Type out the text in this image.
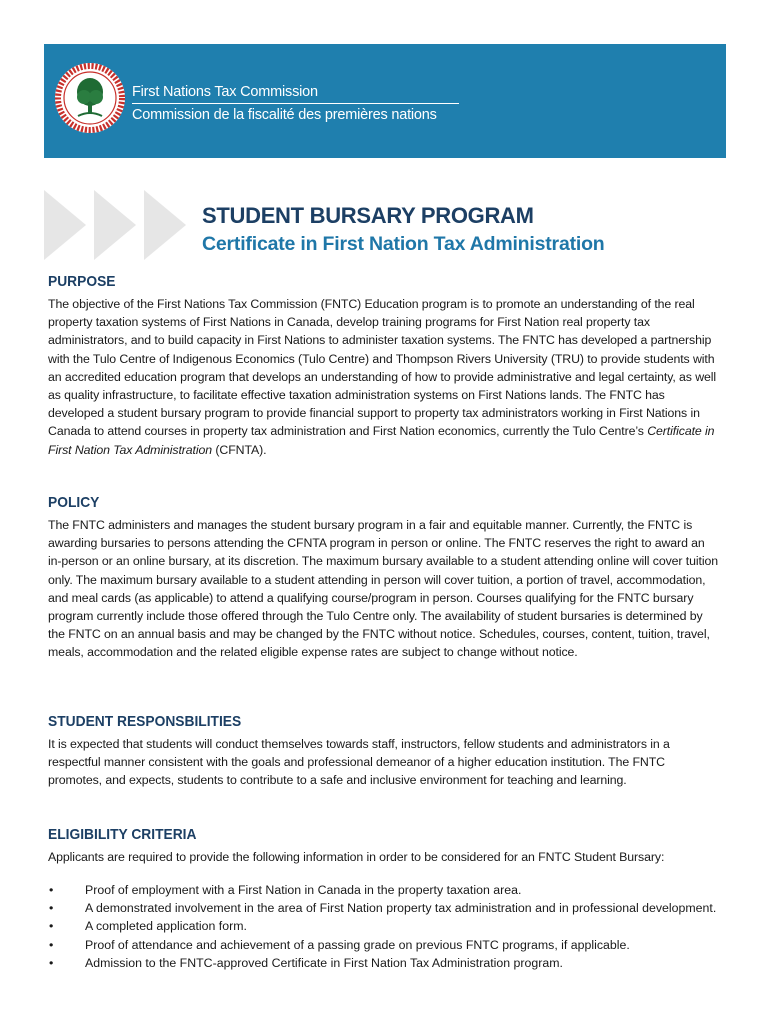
First Nations Tax Commission
Commission de la fiscalité des premières nations
STUDENT BURSARY PROGRAM
Certificate in First Nation Tax Administration
PURPOSE

The objective of the First Nations Tax Commission (FNTC) Education program is to promote an understanding of the real property taxation systems of First Nations in Canada, develop training programs for First Nation real property tax administrators, and to build capacity in First Nations to administer taxation systems. The FNTC has developed a partnership with the Tulo Centre of Indigenous Economics (Tulo Centre) and Thompson Rivers University (TRU) to provide students with an accredited education program that develops an understanding of how to provide administrative and legal certainty, as well as quality infrastructure, to facilitate effective taxation administration systems on First Nations lands. The FNTC has developed a student bursary program to provide financial support to property tax administrators working in First Nations in Canada to attend courses in property tax administration and First Nation economics, currently the Tulo Centre’s Certificate in First Nation Tax Administration (CFNTA).

POLICY

The FNTC administers and manages the student bursary program in a fair and equitable manner. Currently, the FNTC is awarding bursaries to persons attending the CFNTA program in person or online. The FNTC reserves the right to award an in-person or an online bursary, at its discretion. The maximum bursary available to a student attending online will cover tuition only. The maximum bursary available to a student attending in person will cover tuition, a portion of travel, accommodation, and meal cards (as applicable) to attend a qualifying course/program in person. Courses qualifying for the FNTC bursary program currently include those offered through the Tulo Centre only. The availability of student bursaries is determined by the FNTC on an annual basis and may be changed by the FNTC without notice. Schedules, courses, content, tuition, travel, meals, accommodation and the related eligible expense rates are subject to change without notice.

STUDENT RESPONSBILITIES

It is expected that students will conduct themselves towards staff, instructors, fellow students and administrators in a respectful manner consistent with the goals and professional demeanor of a higher education institution. The FNTC promotes, and expects, students to contribute to a safe and inclusive environment for teaching and learning.

ELIGIBILITY CRITERIA

Applicants are required to provide the following information in order to be considered for an FNTC Student Bursary:

•	Proof of employment with a First Nation in Canada in the property taxation area.
•	A demonstrated involvement in the area of First Nation property tax administration and in professional development.
•	A completed application form.
•	Proof of attendance and achievement of a passing grade on previous FNTC programs, if applicable.
•	Admission to the FNTC-approved Certificate in First Nation Tax Administration program.
